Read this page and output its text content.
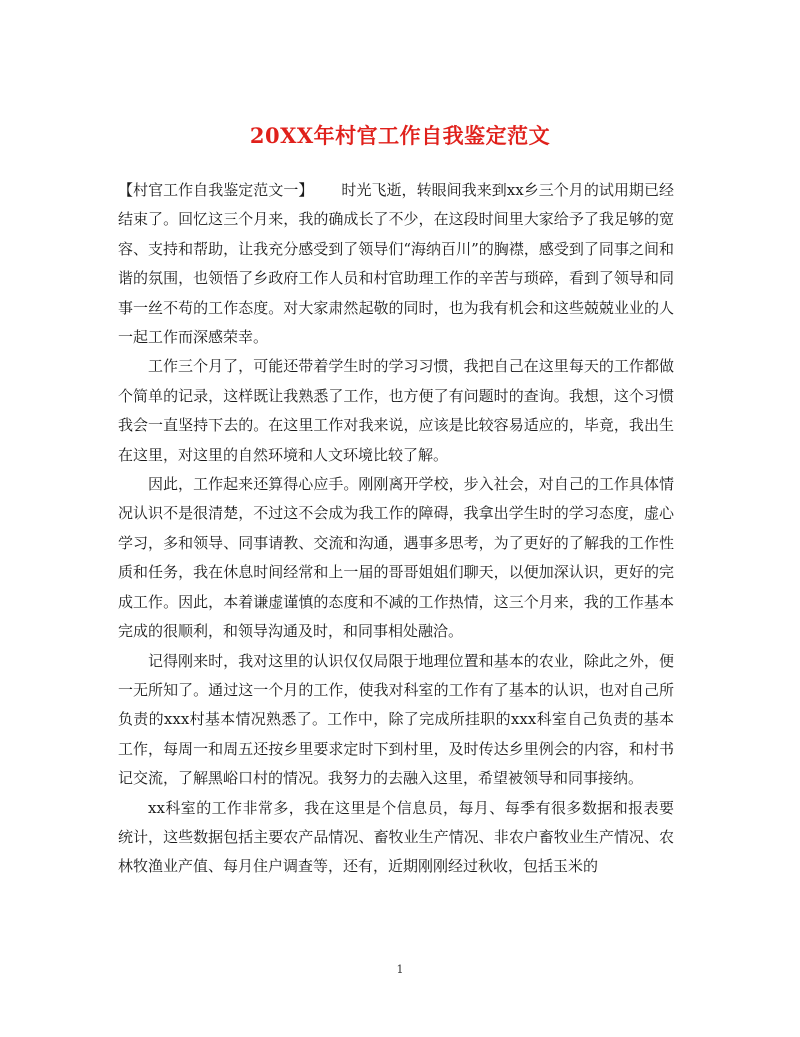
20XX年村官工作自我鉴定范文

【村官工作自我鉴定范文一】 时光飞逝，转眼间我来到xx乡三个月的试用期已经结束了。回忆这三个月来，我的确成长了不少，在这段时间里大家给予了我足够的宽容、支持和帮助，让我充分感受到了领导们“海纳百川”的胸襟，感受到了同事之间和谐的氛围，也领悟了乡政府工作人员和村官助理工作的辛苦与琐碎，看到了领导和同事一丝不苟的工作态度。对大家肃然起敬的同时，也为我有机会和这些兢兢业业的人一起工作而深感荣幸。

工作三个月了，可能还带着学生时的学习习惯，我把自己在这里每天的工作都做个简单的记录，这样既让我熟悉了工作，也方便了有问题时的查询。我想，这个习惯我会一直坚持下去的。在这里工作对我来说，应该是比较容易适应的，毕竟，我出生在这里，对这里的自然环境和人文环境比较了解。

因此，工作起来还算得心应手。刚刚离开学校，步入社会，对自己的工作具体情况认识不是很清楚，不过这不会成为我工作的障碍，我拿出学生时的学习态度，虚心学习，多和领导、同事请教、交流和沟通，遇事多思考，为了更好的了解我的工作性质和任务，我在休息时间经常和上一届的哥哥姐姐们聊天，以便加深认识，更好的完成工作。因此，本着谦虚谨慎的态度和不减的工作热情，这三个月来，我的工作基本完成的很顺利，和领导沟通及时，和同事相处融洽。

记得刚来时，我对这里的认识仅仅局限于地理位置和基本的农业，除此之外，便一无所知了。通过这一个月的工作，使我对科室的工作有了基本的认识，也对自己所负责的xxx村基本情况熟悉了。工作中，除了完成所挂职的xxx科室自己负责的基本工作，每周一和周五还按乡里要求定时下到村里，及时传达乡里例会的内容，和村书记交流，了解黑峪口村的情况。我努力的去融入这里，希望被领导和同事接纳。

xx科室的工作非常多，我在这里是个信息员，每月、每季有很多数据和报表要统计，这些数据包括主要农产品情况、畜牧业生产情况、非农户畜牧业生产情况、农林牧渔业产值、每月住户调查等，还有，近期刚刚经过秋收，包括玉米的

1
